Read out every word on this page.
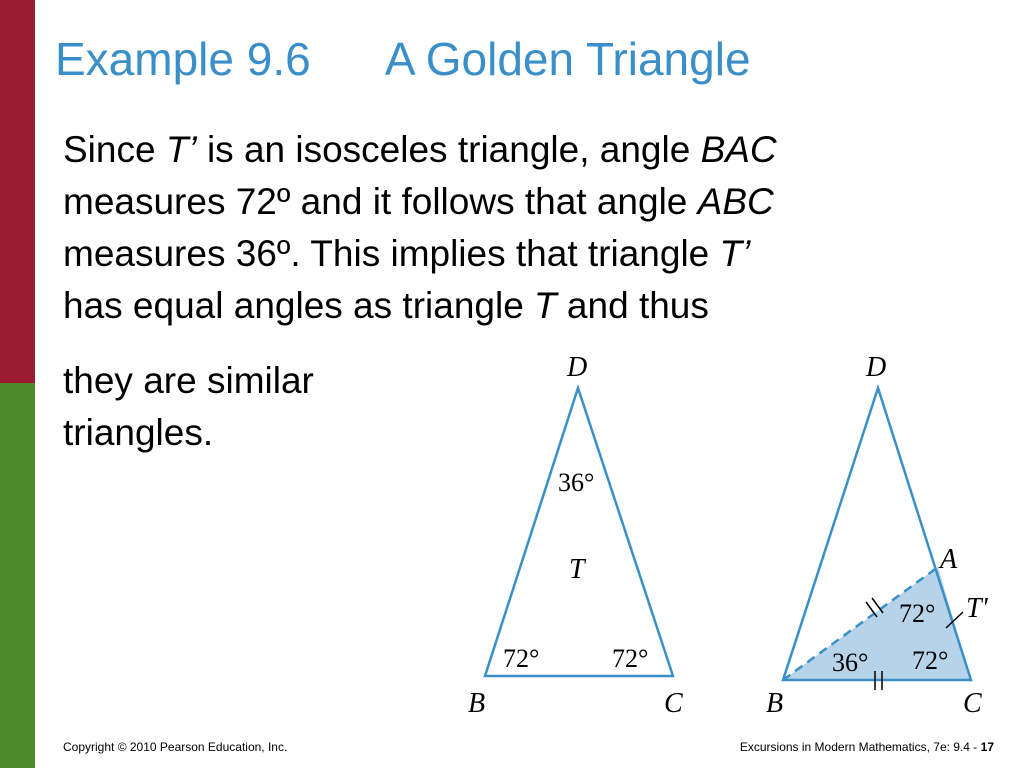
Example 9.6      A Golden Triangle
Since T’ is an isosceles triangle, angle BAC
measures 72º and it follows that angle ABC
measures 36º. This implies that triangle T’
has equal angles as triangle T and thus
they are similar
triangles.
D
B	C
36°
T
72°	72°
D
A
B	C
T'
72°
36° 72°
Copyright © 2010 Pearson Education, Inc.	Excursions in Modern Mathematics, 7e: 9.4 - 17
